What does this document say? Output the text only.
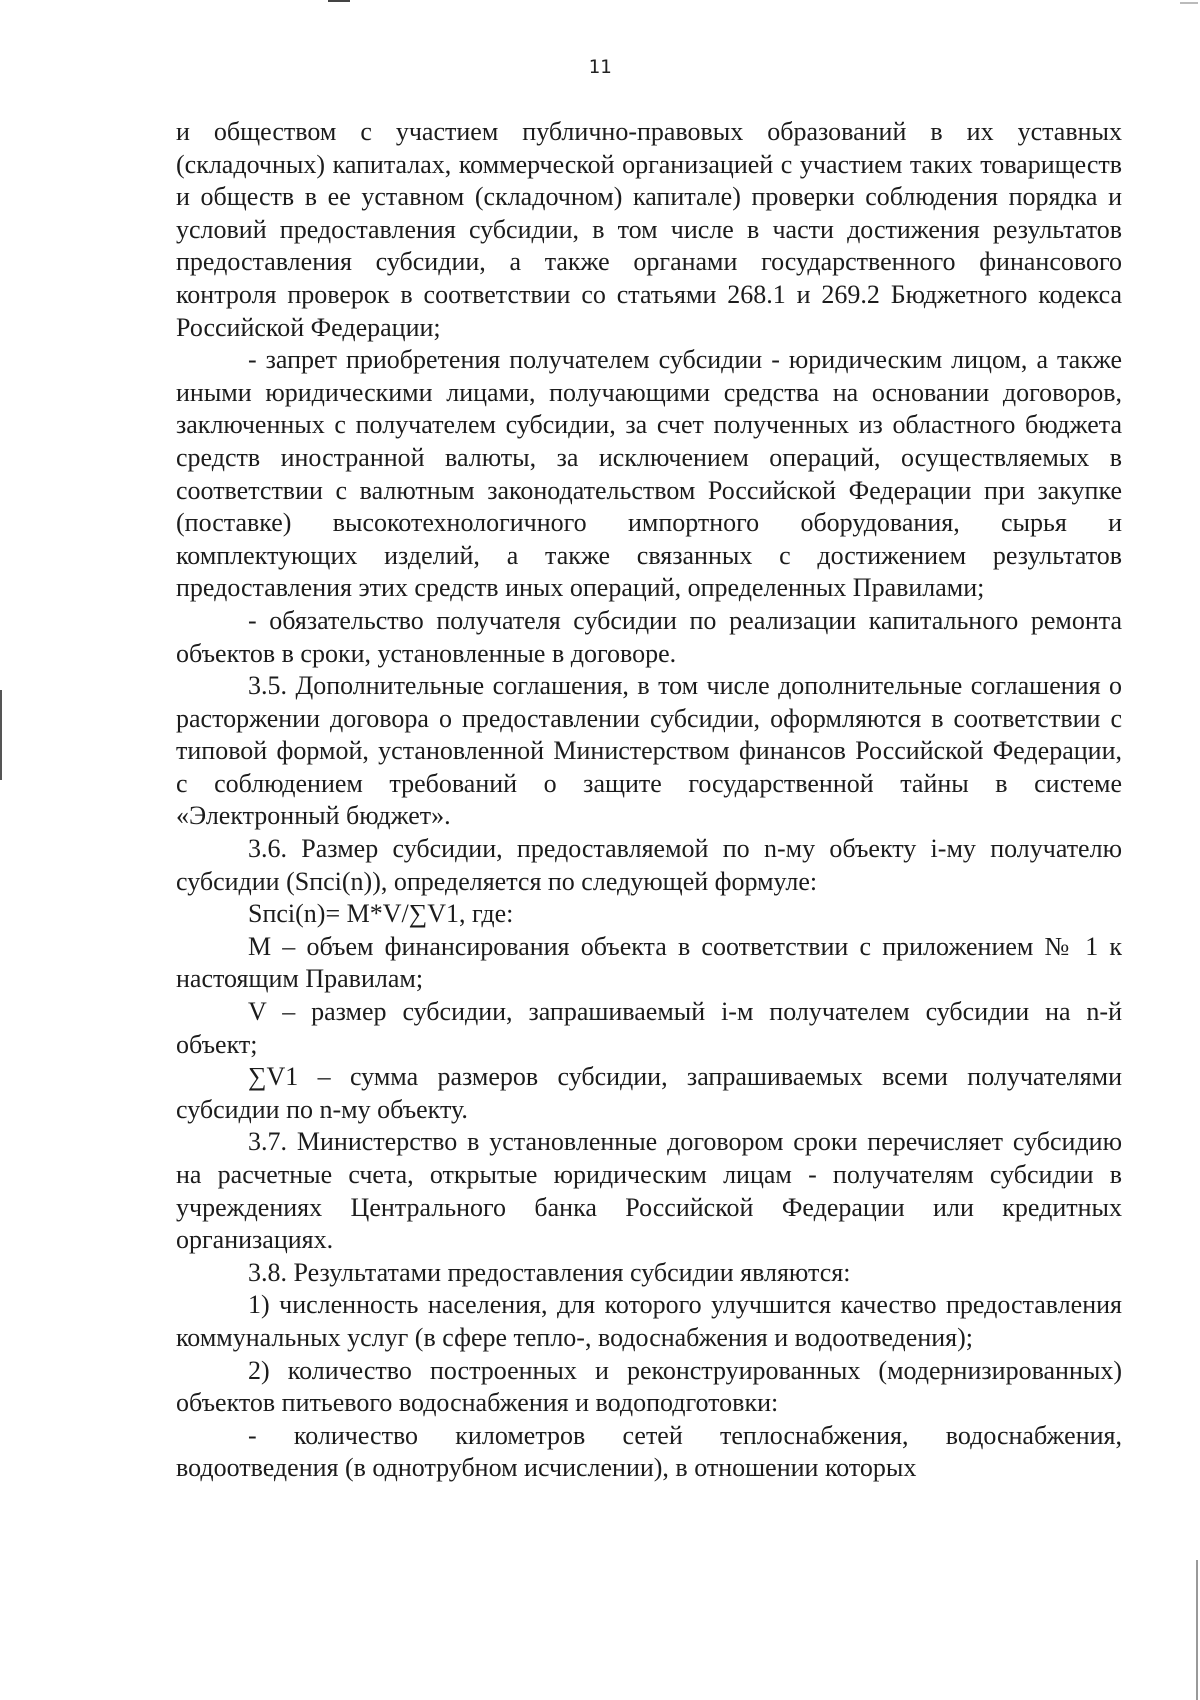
11

и обществом с участием публично-правовых образований в их уставных (складочных) капиталах, коммерческой организацией с участием таких товариществ и обществ в ее уставном (складочном) капитале) проверки соблюдения порядка и условий предоставления субсидии, в том числе в части достижения результатов предоставления субсидии, а также органами государственного финансового контроля проверок в соответствии со статьями 268.1 и 269.2 Бюджетного кодекса Российской Федерации;

- запрет приобретения получателем субсидии - юридическим лицом, а также иными юридическими лицами, получающими средства на основании договоров, заключенных с получателем субсидии, за счет полученных из областного бюджета средств иностранной валюты, за исключением операций, осуществляемых в соответствии с валютным законодательством Российской Федерации при закупке (поставке) высокотехнологичного импортного оборудования, сырья и комплектующих изделий, а также связанных с достижением результатов предоставления этих средств иных операций, определенных Правилами;

- обязательство получателя субсидии по реализации капитального ремонта объектов в сроки, установленные в договоре.

3.5. Дополнительные соглашения, в том числе дополнительные соглашения о расторжении договора о предоставлении субсидии, оформляются в соответствии с типовой формой, установленной Министерством финансов Российской Федерации, с соблюдением требований о защите государственной тайны в системе «Электронный бюджет».

3.6. Размер субсидии, предоставляемой по n-му объекту i-му получателю субсидии (Sпсi(n)), определяется по следующей формуле:

Sпсi(n)= M*V/∑V1, где:

M – объем финансирования объекта в соответствии с приложением № 1 к настоящим Правилам;

V – размер субсидии, запрашиваемый i-м получателем субсидии на n-й объект;

∑V1 – сумма размеров субсидии, запрашиваемых всеми получателями субсидии по n-му объекту.

3.7. Министерство в установленные договором сроки перечисляет субсидию на расчетные счета, открытые юридическим лицам - получателям субсидии в учреждениях Центрального банка Российской Федерации или кредитных организациях.

3.8. Результатами предоставления субсидии являются:

1) численность населения, для которого улучшится качество предоставления коммунальных услуг (в сфере тепло-, водоснабжения и водоотведения);

2) количество построенных и реконструированных (модернизированных) объектов питьевого водоснабжения и водоподготовки:

- количество километров сетей теплоснабжения, водоснабжения, водоотведения (в однотрубном исчислении), в отношении которых
